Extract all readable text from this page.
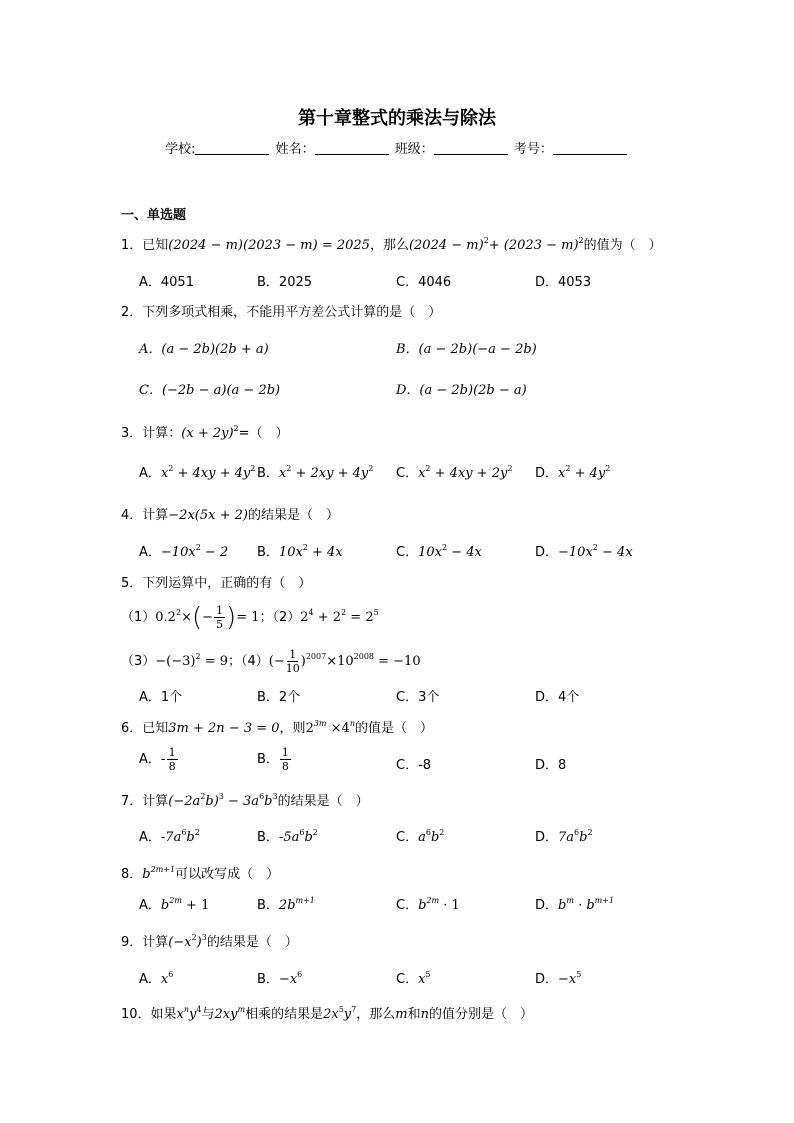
第十章整式的乘法与除法
学校:	姓名：	班级：	考号：
一、单选题
1．已知(2024 − m)(2023 − m) = 2025，那么$(2024 - m)^2+ (2023 - m)^2$的值为（　）
A．4051	B．2025	C．4046	D．4053
2．下列多项式相乘，不能用平方差公式计算的是（　）
A．(a − 2b)(2b + a)	B．(a − 2b)(−a − 2b)
C．(−2b − a)(a − 2b)	D．(a − 2b)(2b − a)
3．计算：$(x + 2y)^2=$（　）
A．$x^2 + 4xy + 4y^2$ B．$x^2 + 2xy + 4y^2$ C．$x^2 + 4xy + 2y^2$ D．$x^2 + 4y^2$
4．计算−2x(5x + 2)的结果是（　）
A．$-10x^2 - 2$ B．$10x^2 + 4x$	C．$10x^2 - 4x$	D．$-10x^2 - 4x$
5．下列运算中，正确的有（　）
$(1)0.2^2\times(- \frac{1}{5}$ )= 1；$(2)2^4 + 2^2 = 2^5$
$(3)-(-3)^2 = 9$；$(4)(- \frac{1}{10} )^{2007}\times 10^{2008} = -10$
A．1个	B．2个	C．3个	D．4个
6．已知3m + 2n − 3 = 0，则$2^{3m} \times 4^n$的值是（　）
A．- $\frac{1}{8}$	B． $\frac{1}{8}$	C．-8	D．8
7．计算$(-2a^2b)^3 - 3a^6b^3$的结果是（　）
A．$-7a^6b^2$	B．$-5a^6b^2$	C．$a^6b^2$	D．$7a^6b^2$
8．$b^{2m+1}$可以改写成（　）
A．$b^{2m} + 1$	B．$2b^{m+1}$	C．$b^{2m} \cdot 1$	D．$b^m \cdot b^{m+1}$
9．计算$(-x^2)^3$的结果是（　）
A．$x^6$	B．$-x^6$	C．$x^5$	D．$-x^5$
10．如果$x^ny^4$与$2xy^m$相乘的结果是$2x^5y^7$，那么m和n的值分别是（　）
